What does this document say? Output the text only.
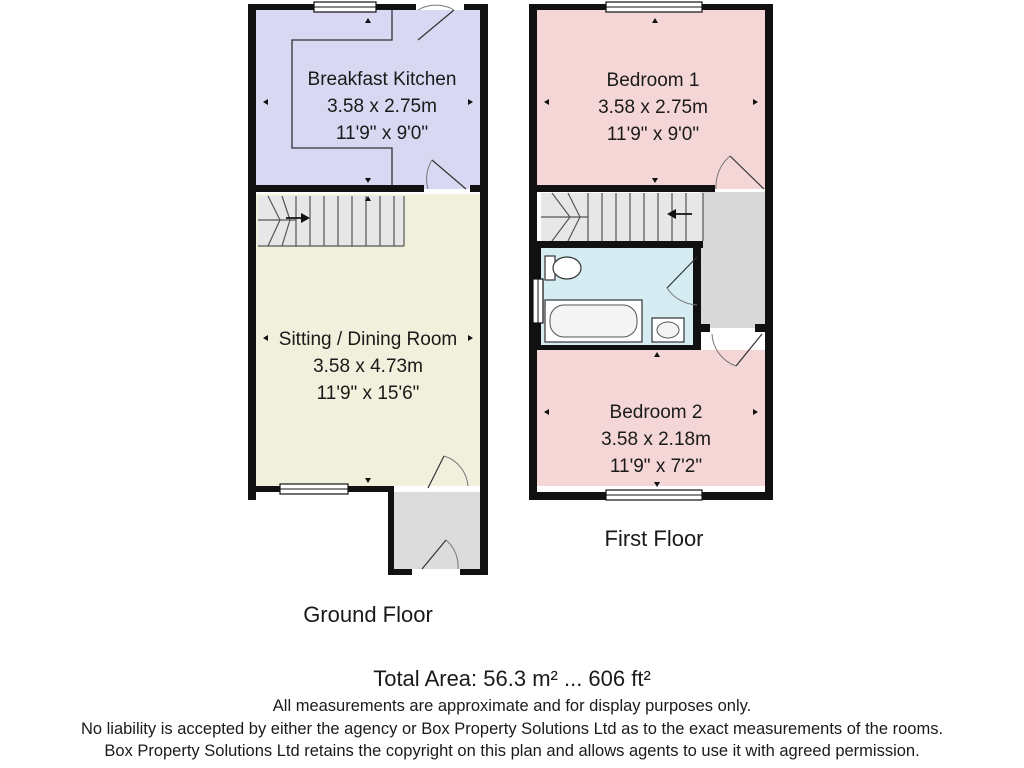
Breakfast Kitchen
3.58 x 2.75m
11'9" x 9'0"
Sitting / Dining Room
3.58 x 4.73m
11'9" x 15'6"
Ground Floor
Bedroom 1
3.58 x 2.75m
11'9" x 9'0"
Bedroom 2
3.58 x 2.18m
11'9" x 7'2"
First Floor
Total Area: 56.3 m² ... 606 ft²
All measurements are approximate and for display purposes only.
No liability is accepted by either the agency or Box Property Solutions Ltd as to the exact measurements of the rooms.
Box Property Solutions Ltd retains the copyright on this plan and allows agents to use it with agreed permission.
